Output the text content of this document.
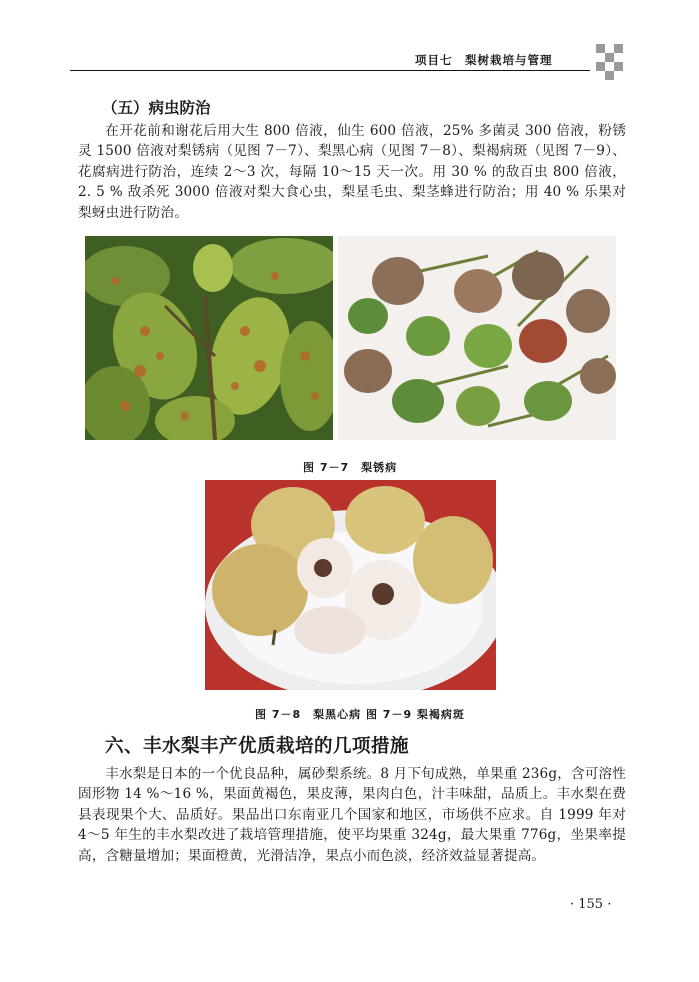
项目七　梨树栽培与管理
（五）病虫防治

在开花前和谢花后用大生 800 倍液，仙生 600 倍液，25% 多菌灵 300 倍液，粉锈灵 1500 倍液对梨锈病（见图 7－7）、梨黑心病（见图 7－8）、梨褐病斑（见图 7－9）、花腐病进行防治，连续 2～3 次，每隔 10～15 天一次。用 30 % 的敌百虫 800 倍液，2. 5 % 敌杀死 3000 倍液对梨大食心虫，梨星毛虫、梨茎蜂进行防治；用 40 % 乐果对梨蚜虫进行防治。

图 7－7　梨锈病
图 7－8　梨黑心病 图 7－9 梨褐病斑
六、丰水梨丰产优质栽培的几项措施

丰水梨是日本的一个优良品种，属砂梨系统。8 月下旬成熟，单果重 236g，含可溶性固形物 14 %～16 %，果面黄褐色，果皮薄，果肉白色，汁丰味甜，品质上。丰水梨在费县表现果个大、品质好。果品出口东南亚几个国家和地区，市场供不应求。自 1999 年对 4～5 年生的丰水梨改进了栽培管理措施，使平均果重 324g，最大果重 776g，坐果率提高，含糖量增加；果面橙黄，光滑洁净，果点小而色淡，经济效益显著提高。

· 155 ·
